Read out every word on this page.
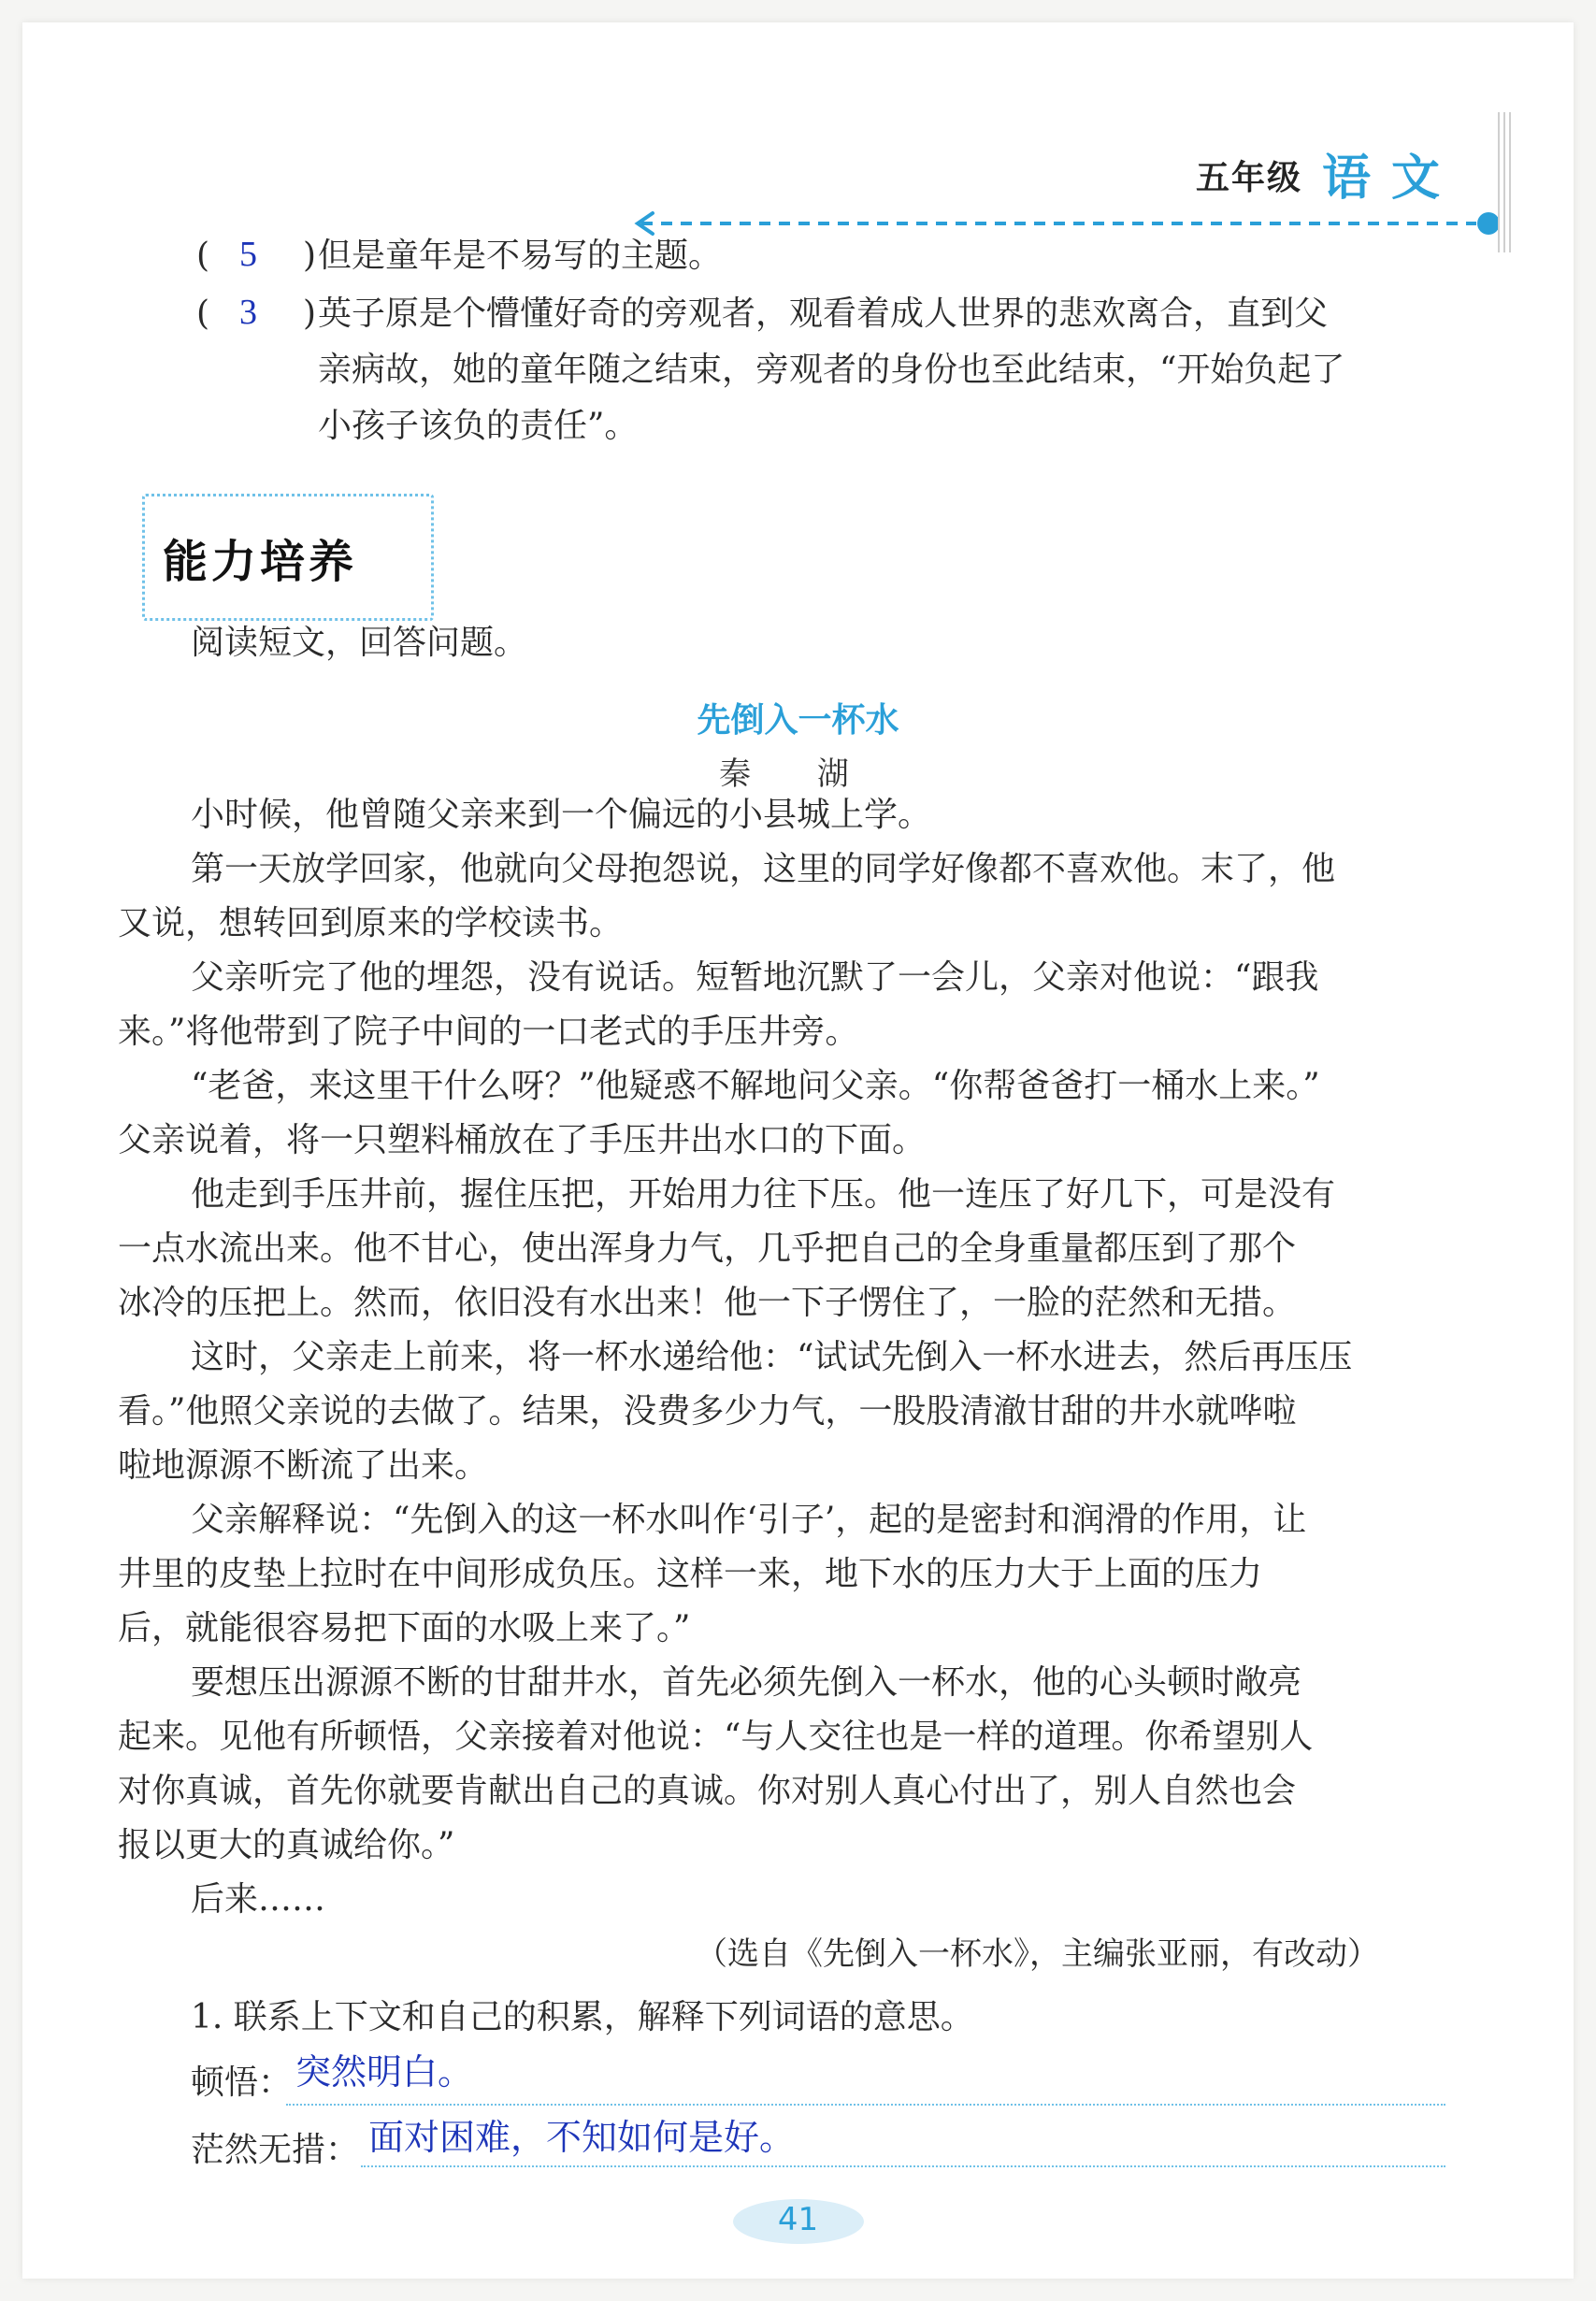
五年级 语文
( 5 ) 但是童年是不易写的主题。
( 3 ) 英子原是个懵懂好奇的旁观者，观看着成人世界的悲欢离合，直到父
亲病故，她的童年随之结束，旁观者的身份也至此结束，“开始负起了
小孩子该负的责任”。
能力培养
阅读短文，回答问题。
先倒入一杯水
秦 湖
小时候，他曾随父亲来到一个偏远的小县城上学。
第一天放学回家，他就向父母抱怨说，这里的同学好像都不喜欢他。末了，他
又说，想转回到原来的学校读书。
父亲听完了他的埋怨，没有说话。短暂地沉默了一会儿，父亲对他说：“跟我
来。”将他带到了院子中间的一口老式的手压井旁。
“老爸，来这里干什么呀？”他疑惑不解地问父亲。“你帮爸爸打一桶水上来。”
父亲说着，将一只塑料桶放在了手压井出水口的下面。
他走到手压井前，握住压把，开始用力往下压。他一连压了好几下，可是没有
一点水流出来。他不甘心，使出浑身力气，几乎把自己的全身重量都压到了那个
冰冷的压把上。然而，依旧没有水出来！他一下子愣住了，一脸的茫然和无措。
这时，父亲走上前来，将一杯水递给他：“试试先倒入一杯水进去，然后再压压
看。”他照父亲说的去做了。结果，没费多少力气，一股股清澈甘甜的井水就哗啦
啦地源源不断流了出来。
父亲解释说：“先倒入的这一杯水叫作‘引子’，起的是密封和润滑的作用，让
井里的皮垫上拉时在中间形成负压。这样一来，地下水的压力大于上面的压力
后，就能很容易把下面的水吸上来了。”
要想压出源源不断的甘甜井水，首先必须先倒入一杯水，他的心头顿时敞亮
起来。见他有所顿悟，父亲接着对他说：“与人交往也是一样的道理。你希望别人
对你真诚，首先你就要肯献出自己的真诚。你对别人真心付出了，别人自然也会
报以更大的真诚给你。”
后来……
（选自《先倒入一杯水》，主编张亚丽，有改动）
1. 联系上下文和自己的积累，解释下列词语的意思。
顿悟： 突然明白。
茫然无措： 面对困难，不知如何是好。
41
